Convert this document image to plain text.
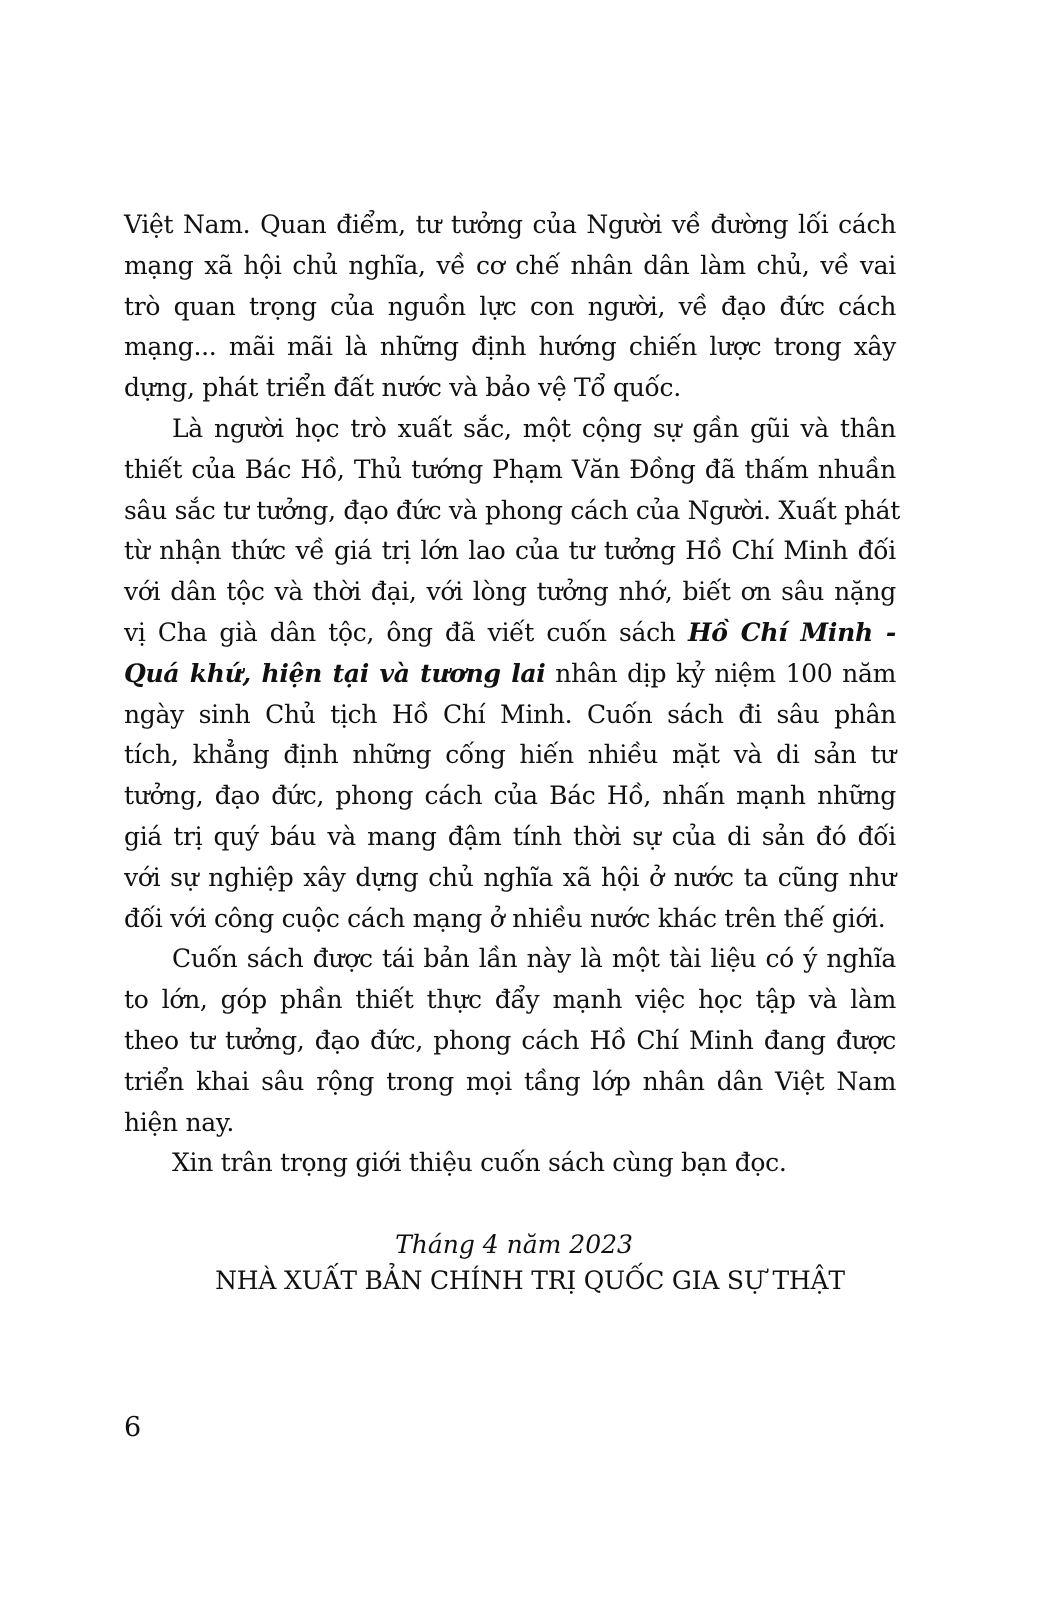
Việt Nam. Quan điểm, tư tưởng của Người về đường lối cách
mạng xã hội chủ nghĩa, về cơ chế nhân dân làm chủ, về vai
trò quan trọng của nguồn lực con người, về đạo đức cách
mạng... mãi mãi là những định hướng chiến lược trong xây
dựng, phát triển đất nước và bảo vệ Tổ quốc.
Là người học trò xuất sắc, một cộng sự gần gũi và thân
thiết của Bác Hồ, Thủ tướng Phạm Văn Đồng đã thấm nhuần
sâu sắc tư tưởng, đạo đức và phong cách của Người. Xuất phát
từ nhận thức về giá trị lớn lao của tư tưởng Hồ Chí Minh đối
với dân tộc và thời đại, với lòng tưởng nhớ, biết ơn sâu nặng
vị Cha già dân tộc, ông đã viết cuốn sách Hồ Chí Minh -
Quá khứ, hiện tại và tương lai nhân dịp kỷ niệm 100 năm
ngày sinh Chủ tịch Hồ Chí Minh. Cuốn sách đi sâu phân
tích, khẳng định những cống hiến nhiều mặt và di sản tư
tưởng, đạo đức, phong cách của Bác Hồ, nhấn mạnh những
giá trị quý báu và mang đậm tính thời sự của di sản đó đối
với sự nghiệp xây dựng chủ nghĩa xã hội ở nước ta cũng như
đối với công cuộc cách mạng ở nhiều nước khác trên thế giới.
Cuốn sách được tái bản lần này là một tài liệu có ý nghĩa
to lớn, góp phần thiết thực đẩy mạnh việc học tập và làm
theo tư tưởng, đạo đức, phong cách Hồ Chí Minh đang được
triển khai sâu rộng trong mọi tầng lớp nhân dân Việt Nam
hiện nay.
Xin trân trọng giới thiệu cuốn sách cùng bạn đọc.
Tháng 4 năm 2023
NHÀ XUẤT BẢN CHÍNH TRỊ QUỐC GIA SỰ THẬT
6
